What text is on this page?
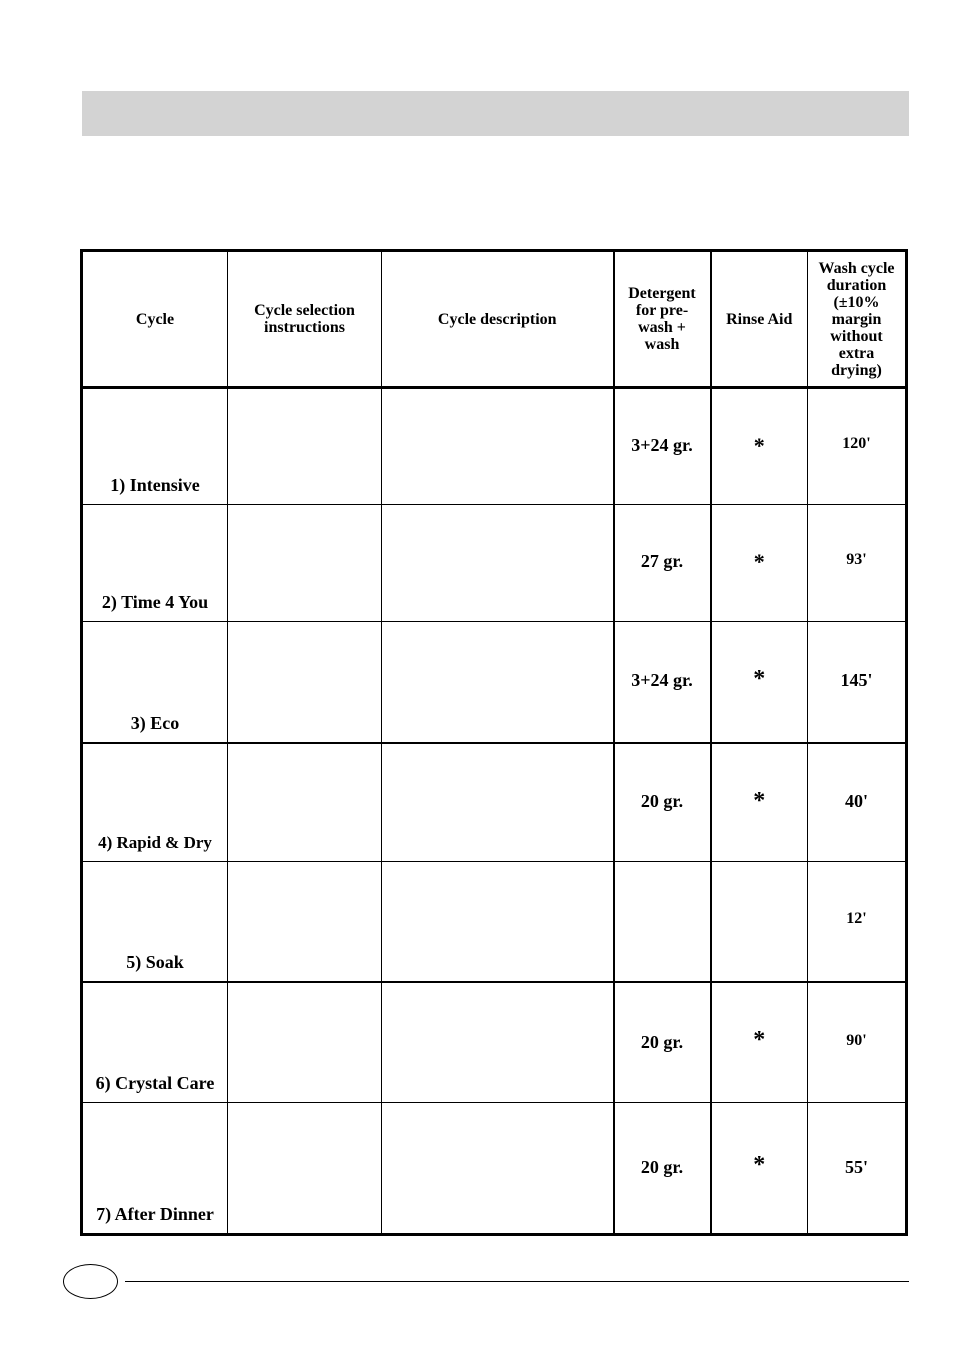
Cycle	Cycle selection instructions	Cycle description	Detergent for pre-wash + wash	Rinse Aid	Wash cycle duration (±10% margin without extra drying)
1) Intensive			3+24 gr.	*	120'

2) Time 4 You			27 gr.	*	93'

3) Eco			3+24 gr.	*	145'

4) Rapid & Dry			20 gr.	*	40'

5) Soak					12'

6) Crystal Care			20 gr.	*	90'

7) After Dinner			20 gr.	*	55'
